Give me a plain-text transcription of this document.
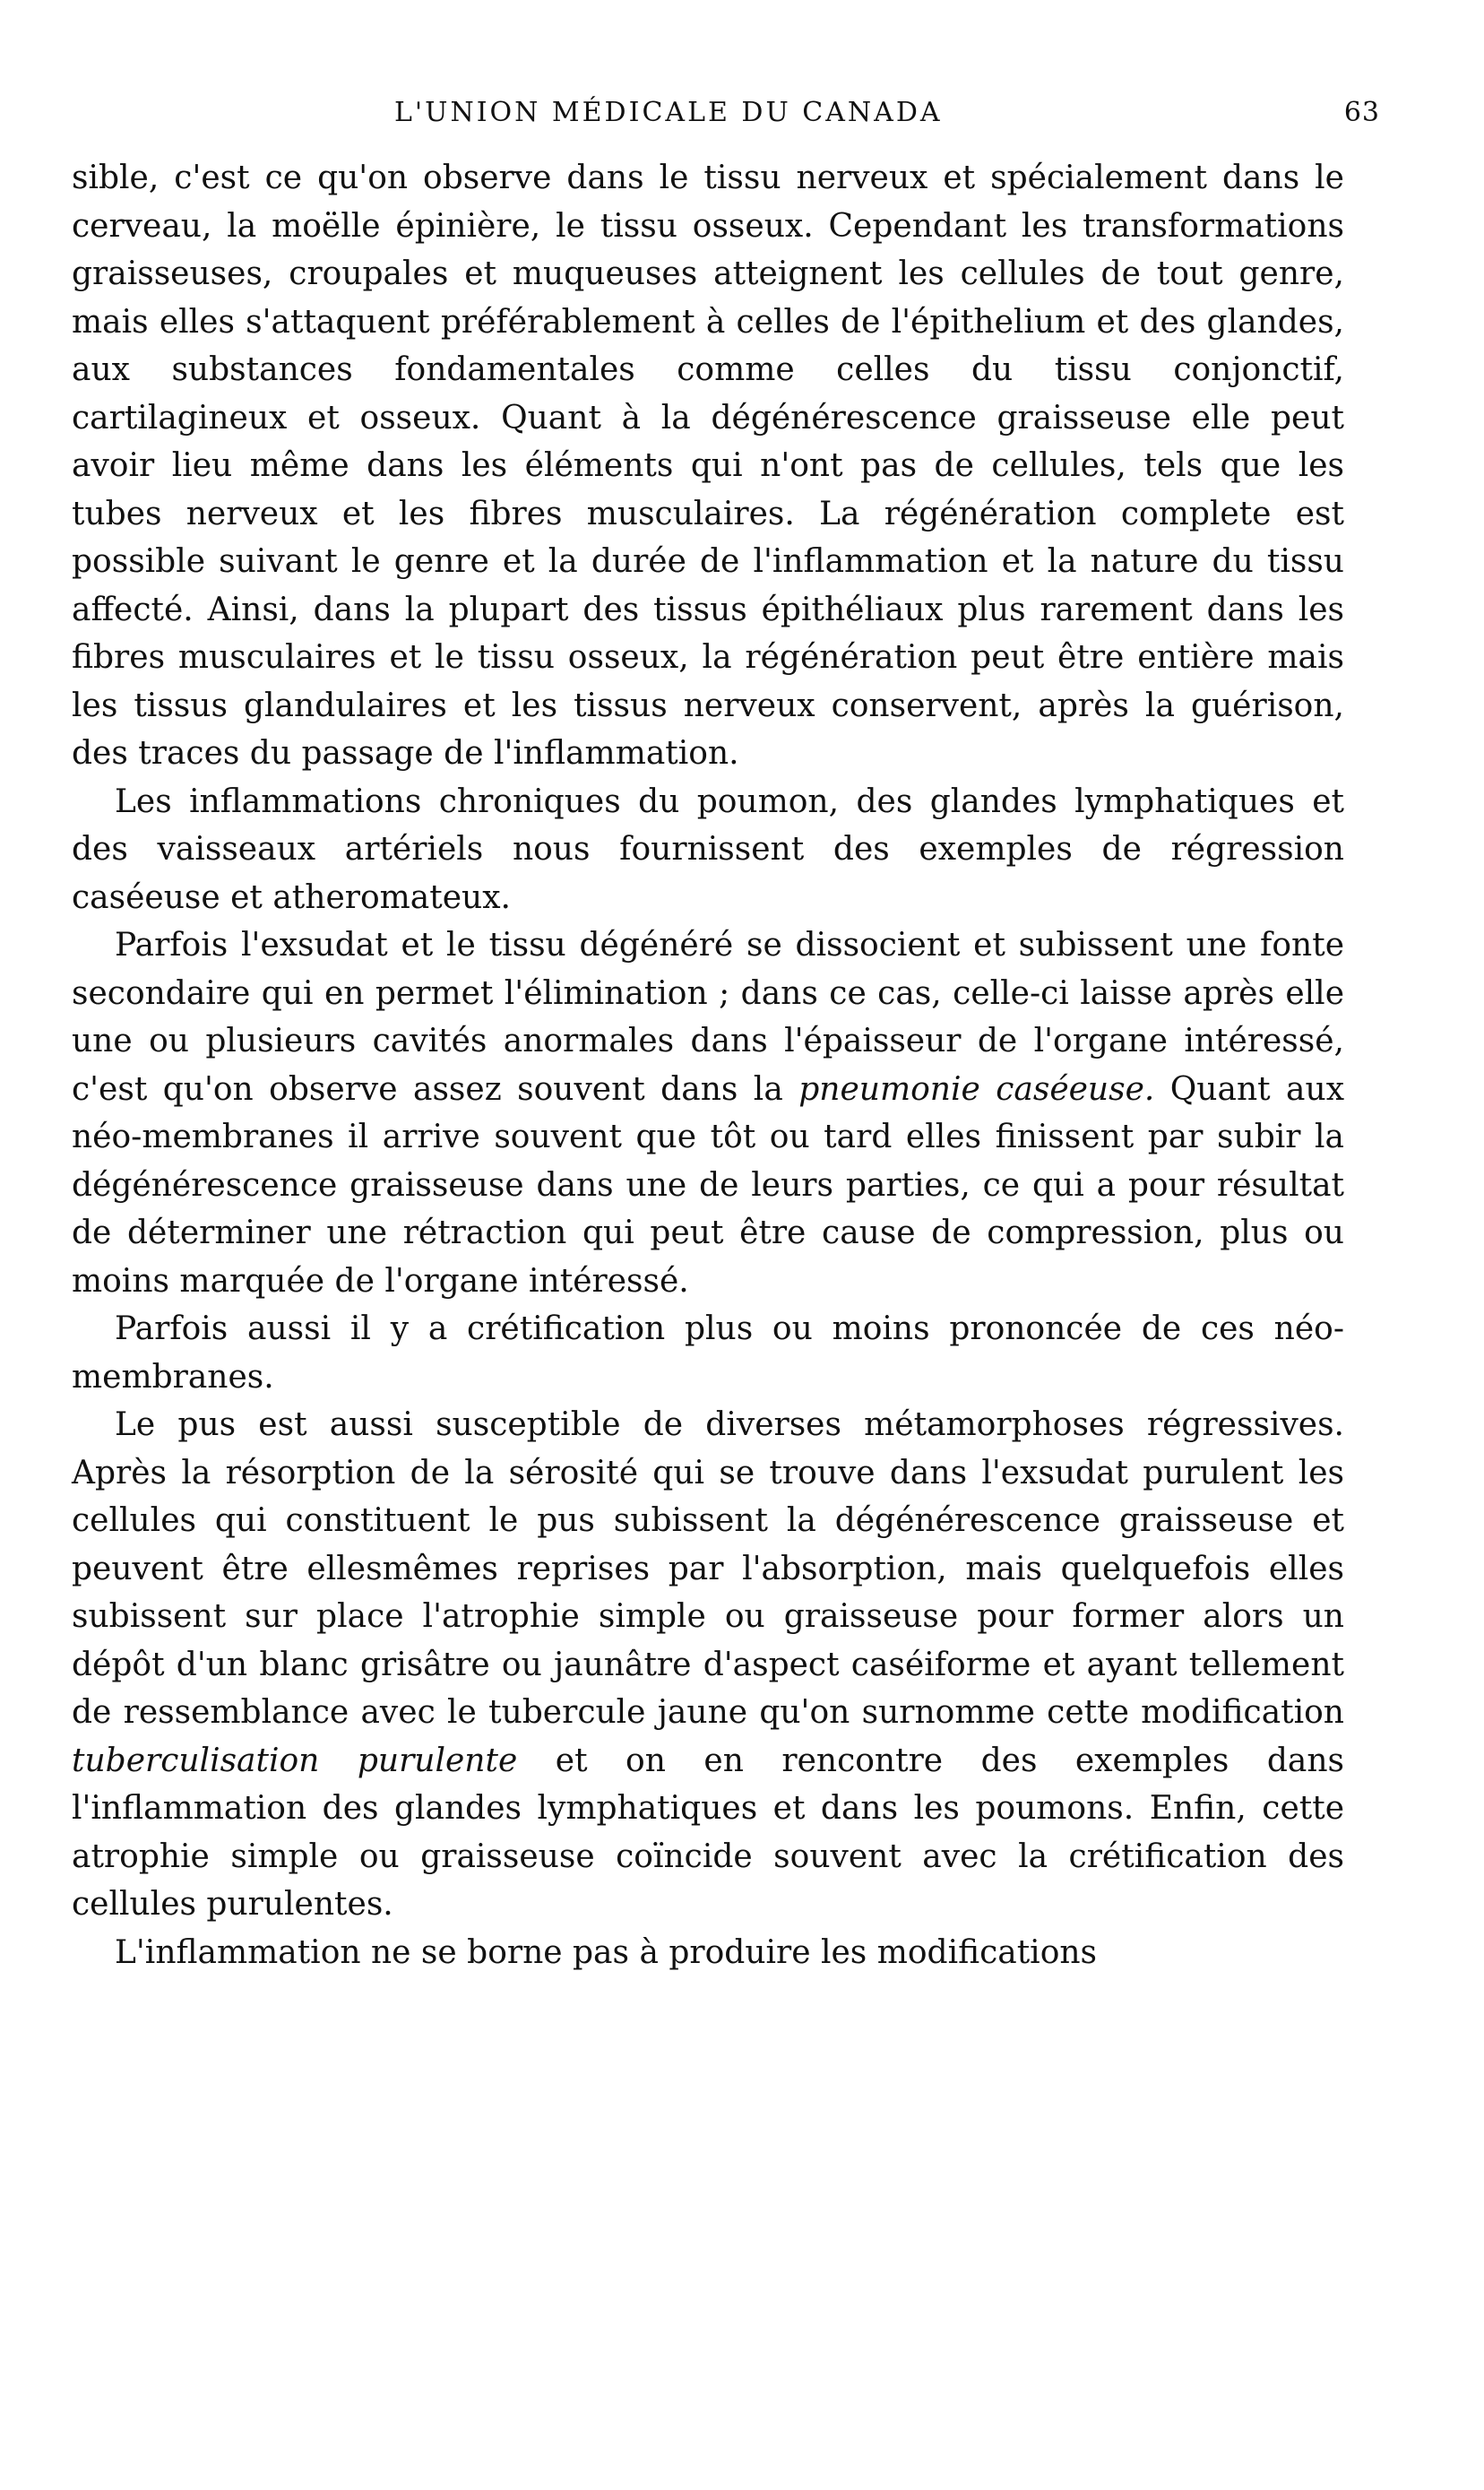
L'UNION MÉDICALE DU CANADA	63

sible, c'est ce qu'on observe dans le tissu nerveux et spécialement dans le cerveau, la moëlle épinière, le tissu osseux. Cependant les transformations graisseuses, croupales et muqueuses atteignent les cellules de tout genre, mais elles s'attaquent préférablement à celles de l'épithelium et des glandes, aux substances fondamentales comme celles du tissu conjonctif, cartilagineux et osseux. Quant à la dégénérescence graisseuse elle peut avoir lieu même dans les éléments qui n'ont pas de cellules, tels que les tubes nerveux et les fibres musculaires. La régénération complete est possible suivant le genre et la durée de l'inflammation et la nature du tissu affecté. Ainsi, dans la plupart des tissus épithéliaux plus rarement dans les fibres musculaires et le tissu osseux, la régénération peut être entière mais les tissus glandulaires et les tissus nerveux conservent, après la guérison, des traces du passage de l'inflammation.

Les inflammations chroniques du poumon, des glandes lymphatiques et des vaisseaux artériels nous fournissent des exemples de régression caséeuse et atheromateux.

Parfois l'exsudat et le tissu dégénéré se dissocient et subissent une fonte secondaire qui en permet l'élimination ; dans ce cas, celle-ci laisse après elle une ou plusieurs cavités anormales dans l'épaisseur de l'organe intéressé, c'est qu'on observe assez souvent dans la pneumonie caséeuse. Quant aux néo-membranes il arrive souvent que tôt ou tard elles finissent par subir la dégénérescence graisseuse dans une de leurs parties, ce qui a pour résultat de déterminer une rétraction qui peut être cause de compression, plus ou moins marquée de l'organe intéressé.

Parfois aussi il y a crétification plus ou moins prononcée de ces néo-membranes.

Le pus est aussi susceptible de diverses métamorphoses régressives. Après la résorption de la sérosité qui se trouve dans l'exsudat purulent les cellules qui constituent le pus subissent la dégénérescence graisseuse et peuvent être ellesmêmes reprises par l'absorption, mais quelquefois elles subissent sur place l'atrophie simple ou graisseuse pour former alors un dépôt d'un blanc grisâtre ou jaunâtre d'aspect caséiforme et ayant tellement de ressemblance avec le tubercule jaune qu'on surnomme cette modification tuberculisation purulente et on en rencontre des exemples dans l'inflammation des glandes lymphatiques et dans les poumons. Enfin, cette atrophie simple ou graisseuse coïncide souvent avec la crétification des cellules purulentes.

L'inflammation ne se borne pas à produire les modifications
